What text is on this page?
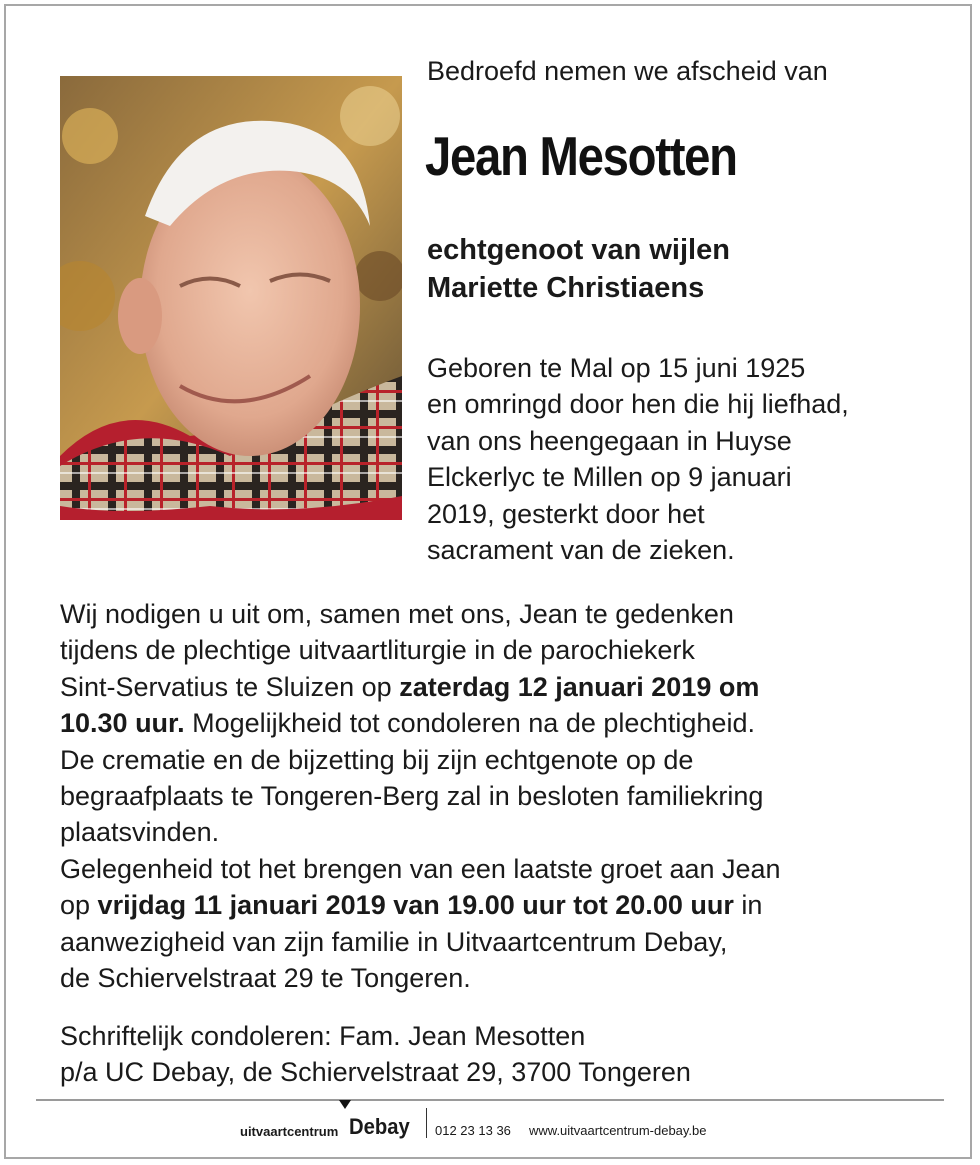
Bedroefd nemen we afscheid van

Jean Mesotten

echtgenoot van wijlen
Mariette Christiaens

Geboren te Mal op 15 juni 1925
en omringd door hen die hij liefhad,
van ons heengegaan in Huyse
Elckerlyc te Millen op 9 januari
2019, gesterkt door het
sacrament van de zieken.

Wij nodigen u uit om, samen met ons, Jean te gedenken
tijdens de plechtige uitvaartliturgie in de parochiekerk
Sint-Servatius te Sluizen op zaterdag 12 januari 2019 om
10.30 uur. Mogelijkheid tot condoleren na de plechtigheid.
De crematie en de bijzetting bij zijn echtgenote op de
begraafplaats te Tongeren-Berg zal in besloten familiekring
plaatsvinden.
Gelegenheid tot het brengen van een laatste groet aan Jean
op vrijdag 11 januari 2019 van 19.00 uur tot 20.00 uur in
aanwezigheid van zijn familie in Uitvaartcentrum Debay,
de Schiervelstraat 29 te Tongeren.

Schriftelijk condoleren: Fam. Jean Mesotten
p/a UC Debay, de Schiervelstraat 29, 3700 Tongeren

uitvaartcentrum Debay 012 23 13 36 www.uitvaartcentrum-debay.be
